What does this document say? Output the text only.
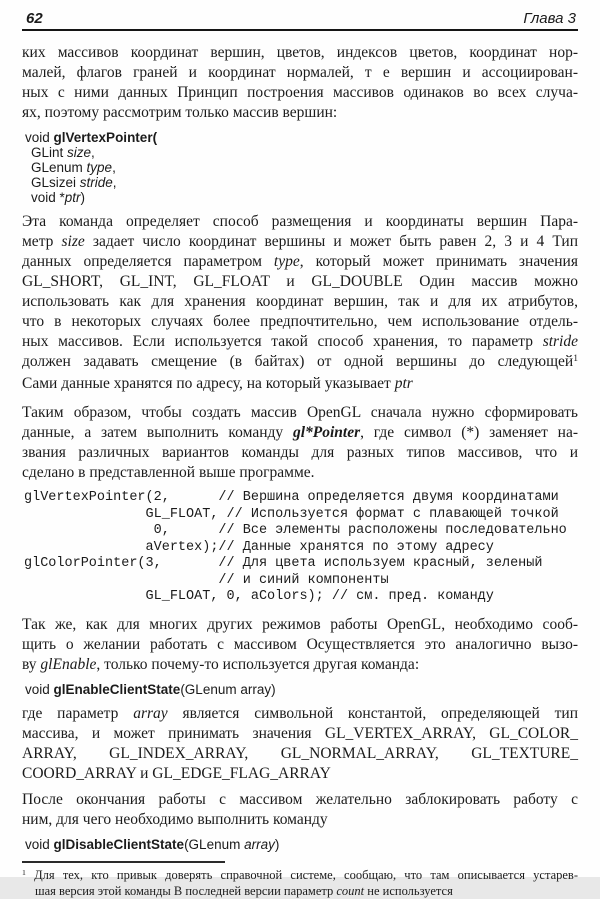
62	Глава 3
ких массивов координат вершин, цветов, индексов цветов, координат нор-
малей, флагов граней и координат нормалей, т е вершин и ассоциирован-
ных с ними данных Принцип построения массивов одинаков во всех случа-
ях, поэтому рассмотрим только массив вершин:
void glVertexPointer(
GLint size,
GLenum type,
GLsizei stride,
void *ptr)
Эта команда определяет способ размещения и координаты вершин Пара-
метр size задает число координат вершины и может быть равен 2, 3 и 4 Тип
данных определяется параметром type, который может принимать значения
GL_SHORT, GL_INT, GL_FLOAT и GL_DOUBLE Один массив можно
использовать как для хранения координат вершин, так и для их атрибутов,
что в некоторых случаях более предпочтительно, чем использование отдель-
ных массивов. Если используется такой способ хранения, то параметр stride
должен задавать смещение (в байтах) от одной вершины до следующей$^1$
Сами данные хранятся по адресу, на который указывает ptr
Таким образом, чтобы создать массив OpenGL сначала нужно сформировать
данные, а затем выполнить команду gl*Pointer, где символ (*) заменяет на-
звания различных вариантов команды для разных типов массивов, что и
сделано в представленной выше программе.
glVertexPointer(2,      // Вершина определяется двумя координатами
GL_FLOAT, // Используется формат с плавающей точкой
0,      // Все элементы расположены последовательно
aVertex);// Данные хранятся по этому адресу
glColorPointer(3,       // Для цвета используем красный, зеленый
// и синий компоненты
GL_FLOAT, 0, aColors); // см. пред. команду
Так же, как для многих других режимов работы OpenGL, необходимо сооб-
щить о желании работать с массивом Осуществляется это аналогично вызо-
ву glEnable, только почему-то используется другая команда:
void glEnableClientState(GLenum array)
где параметр array является символьной константой, определяющей тип
массива, и может принимать значения GL_VERTEX_ARRAY, GL_COLOR_
ARRAY, GL_INDEX_ARRAY, GL_NORMAL_ARRAY, GL_TEXTURE_
COORD_ARRAY и GL_EDGE_FLAG_ARRAY
После окончания работы с массивом желательно заблокировать работу с
ним, для чего необходимо выполнить команду
void glDisableClientState(GLenum array)
$^1$ Для тех, кто привык доверять справочной системе, сообщаю, что там описывается устарев-
шая версия этой команды В последней версии параметр count не используется
